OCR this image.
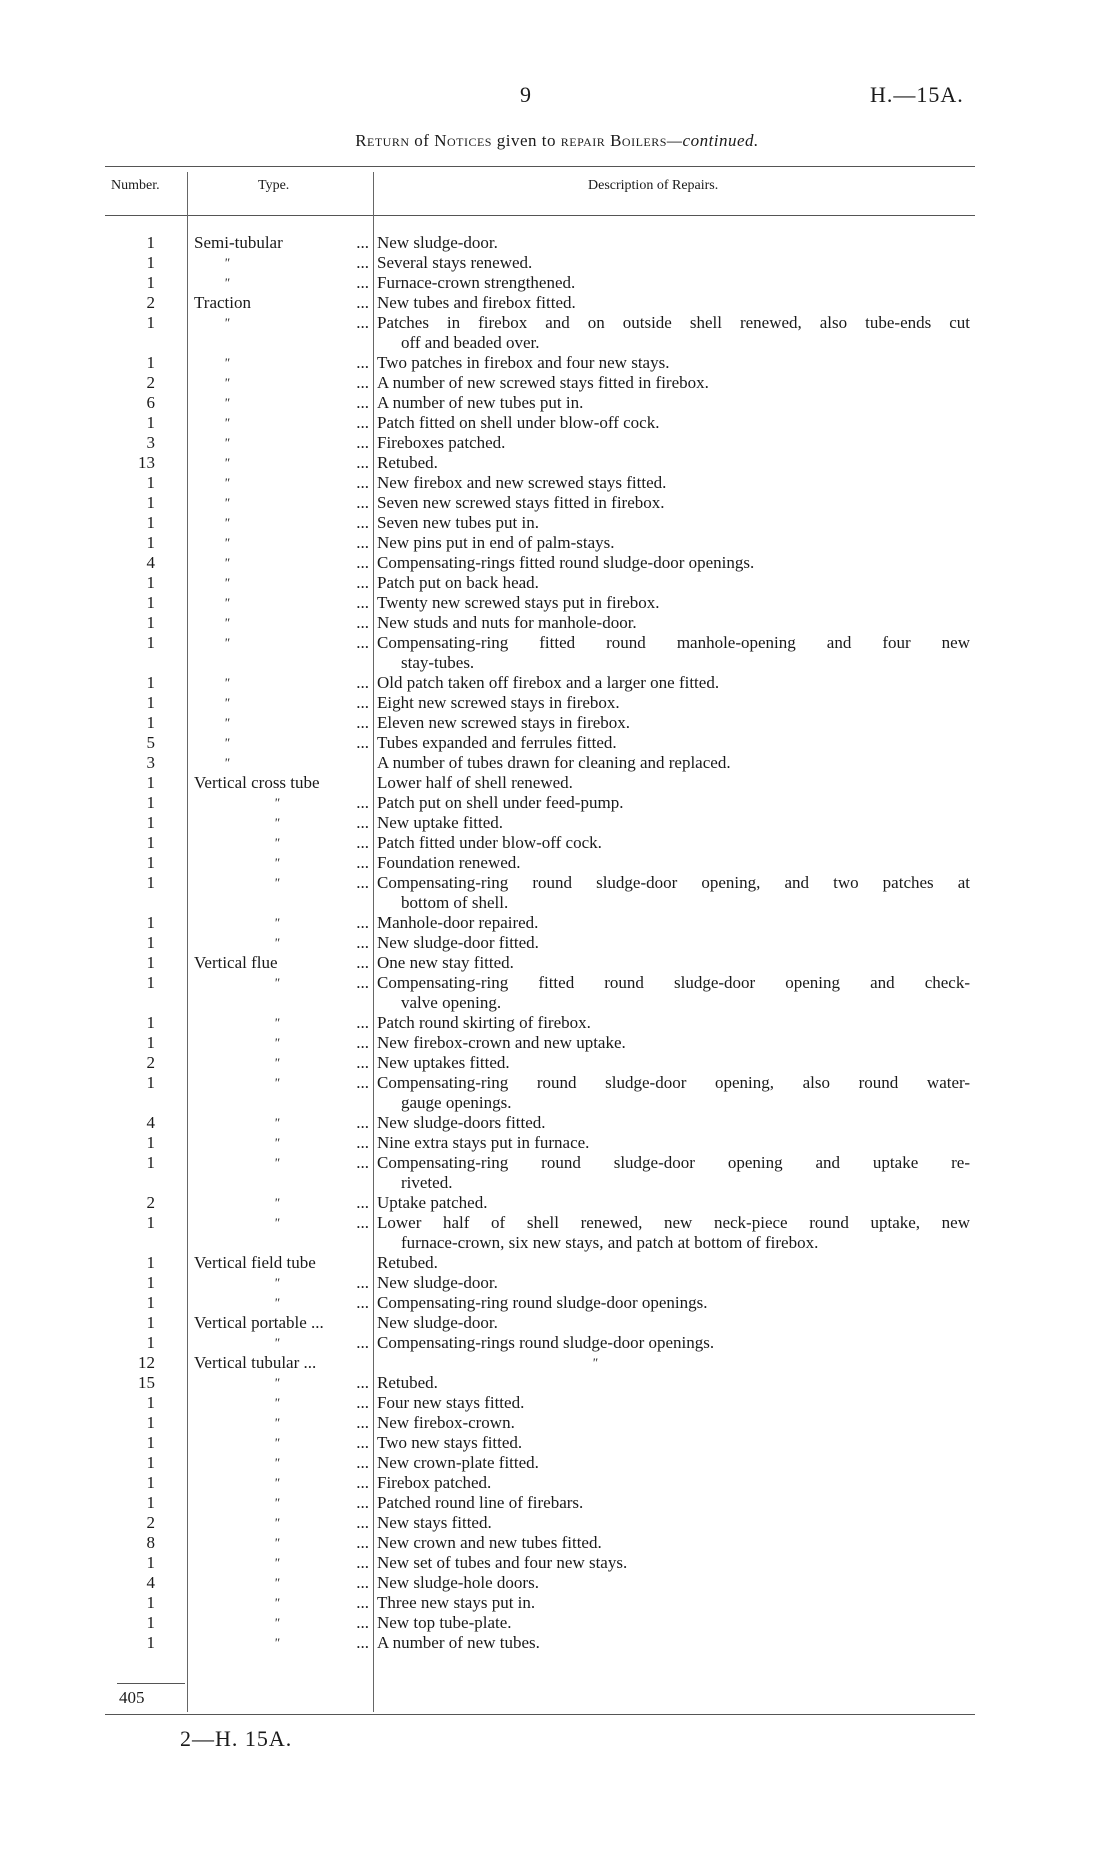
9	H.—15A.
Return of Notices given to repair Boilers—continued.
Number.	Type.	Description of Repairs.
1 Semi-tubular	... New sludge-door.
1	"	... Several stays renewed.
1	"	... Furnace-crown strengthened.
2 Traction	... New tubes and firebox fitted.
1	"	... Patches in firebox and on outside shell renewed, also tube-ends cut
off and beaded over.
1	"	... Two patches in firebox and four new stays.
2	"	... A number of new screwed stays fitted in firebox.
6	"	... A number of new tubes put in.
1	"	... Patch fitted on shell under blow-off cock.
3	"	... Fireboxes patched.
13	"	... Retubed.
1	"	... New firebox and new screwed stays fitted.
1	"	... Seven new screwed stays fitted in firebox.
1	"	... Seven new tubes put in.
1	"	... New pins put in end of palm-stays.
4	"	... Compensating-rings fitted round sludge-door openings.
1	"	... Patch put on back head.
1	"	... Twenty new screwed stays put in firebox.
1	"	... New studs and nuts for manhole-door.
1	"	... Compensating-ring fitted round manhole-opening and four new
stay-tubes.
1	"	... Old patch taken off firebox and a larger one fitted.
1	"	... Eight new screwed stays in firebox.
1	"	... Eleven new screwed stays in firebox.
5	"	... Tubes expanded and ferrules fitted.
3	"	A number of tubes drawn for cleaning and replaced.
1 Vertical cross tube	Lower half of shell renewed.
1	"	... Patch put on shell under feed-pump.
1	"	... New uptake fitted.
1	"	... Patch fitted under blow-off cock.
1	"	... Foundation renewed.
1	"	... Compensating-ring round sludge-door opening, and two patches at
bottom of shell.
1	"	... Manhole-door repaired.
1	"	... New sludge-door fitted.
1 Vertical flue	... One new stay fitted.
1	"	... Compensating-ring fitted round sludge-door opening and check-
valve opening.
1	"	... Patch round skirting of firebox.
1	"	... New firebox-crown and new uptake.
2	"	... New uptakes fitted.
1	"	... Compensating-ring round sludge-door opening, also round water-
gauge openings.
4	"	... New sludge-doors fitted.
1	"	... Nine extra stays put in furnace.
1	"	... Compensating-ring round sludge-door opening and uptake re-
riveted.
2	"	... Uptake patched.
1	"	... Lower half of shell renewed, new neck-piece round uptake, new
furnace-crown, six new stays, and patch at bottom of firebox.
1 Vertical field tube	Retubed.
1	"	... New sludge-door.
1	"	... Compensating-ring round sludge-door openings.
1 Vertical portable ...	New sludge-door.
1	"	... Compensating-rings round sludge-door openings.
12 Vertical tubular ...	"
15	"	... Retubed.
1	"	... Four new stays fitted.
1	"	... New firebox-crown.
1	"	... Two new stays fitted.
1	"	... New crown-plate fitted.
1	"	... Firebox patched.
1	"	... Patched round line of firebars.
2	"	... New stays fitted.
8	"	... New crown and new tubes fitted.
1	"	... New set of tubes and four new stays.
4	"	... New sludge-hole doors.
1	"	... Three new stays put in.
1	"	... New top tube-plate.
1	"	... A number of new tubes.
405
2—H. 15A.
